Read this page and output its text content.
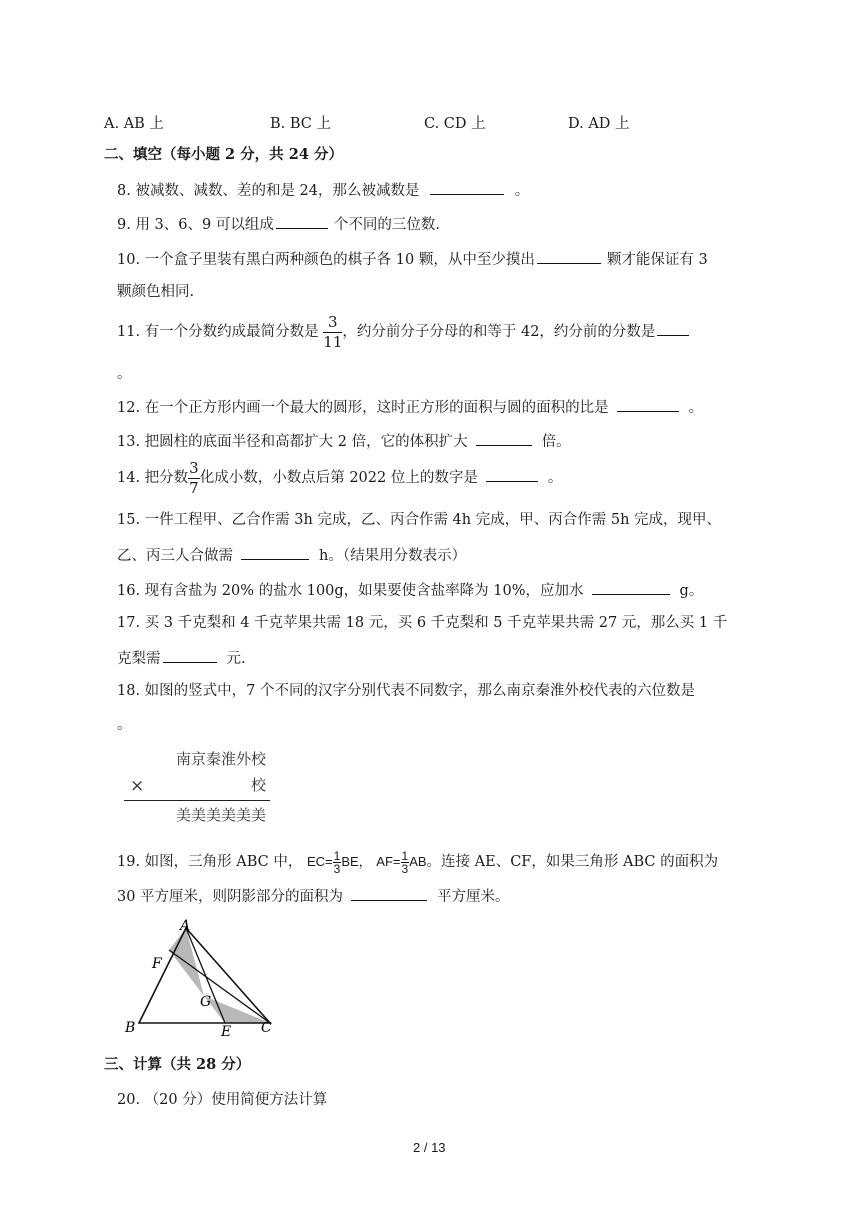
A. AB 上	B. BC 上	C. CD 上	D. AD 上
二、填空（每小题 2 分，共 24 分）
8. 被减数、减数、差的和是 24，那么被减数是	。
9. 用 3、6、9 可以组成	个不同的三位数.
10. 一个盒子里装有黑白两种颜色的棋子各 10 颗，从中至少摸出	颗才能保证有 3
颗颜色相同.
11. 有一个分数约成最简分数是 $\frac{3}{11}$ ，约分前分子分母的和等于 42，约分前的分数是
。
12. 在一个正方形内画一个最大的圆形，这时正方形的面积与圆的面积的比是	。
13. 把圆柱的底面半径和高都扩大 2 倍，它的体积扩大	倍。
14. 把分数 $\frac{3}{7}$ 化成小数，小数点后第 2022 位上的数字是	。
15. 一件工程甲、乙合作需 3h 完成，乙、丙合作需 4h 完成，甲、丙合作需 5h 完成，现甲、
乙、丙三人合做需	h。（结果用分数表示）
16. 现有含盐为 20% 的盐水 100g，如果要使含盐率降为 10%，应加水	g。
17. 买 3 千克梨和 4 千克苹果共需 18 元，买 6 千克梨和 5 千克苹果共需 27 元，那么买 1 千
克梨需	元.
18. 如图的竖式中，7 个不同的汉字分别代表不同数字，那么南京秦淮外校代表的六位数是
。
南京秦淮外校
×	校
美美美美美美
19. 如图，三角形 ABC 中， $EC= \frac{1}{3}$ BE， $AF= \frac{1}{3}$ AB。连接 AE、CF，如果三角形 ABC 的面积为
30 平方厘米，则阴影部分的面积为	平方厘米。
A
B	C
E
F
G
三、计算（共 28 分）
20. （20 分）使用简便方法计算
2 / 13
